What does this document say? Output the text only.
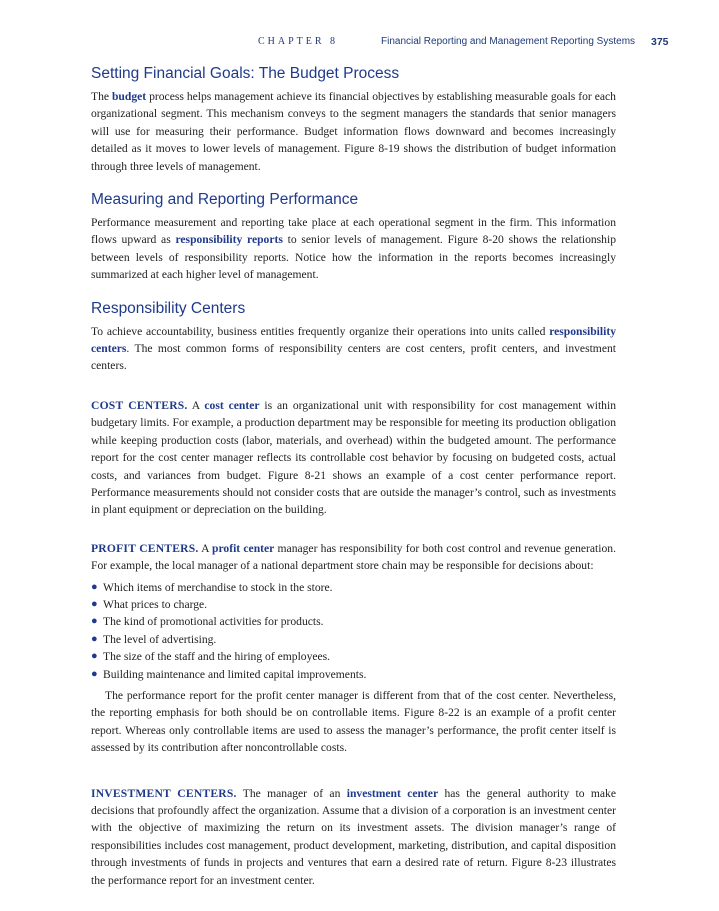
CHAPTER 8	Financial Reporting and Management Reporting Systems 375
Setting Financial Goals: The Budget Process

The budget process helps management achieve its financial objectives by establishing measurable goals for each organizational segment. This mechanism conveys to the segment managers the standards that senior managers will use for measuring their performance. Budget information flows downward and becomes increasingly detailed as it moves to lower levels of management. Figure 8-19 shows the distribution of budget information through three levels of management.

Measuring and Reporting Performance

Performance measurement and reporting take place at each operational segment in the firm. This information flows upward as responsibility reports to senior levels of management. Figure 8-20 shows the relationship between levels of responsibility reports. Notice how the information in the reports becomes increasingly summarized at each higher level of management.

Responsibility Centers

To achieve accountability, business entities frequently organize their operations into units called responsibility centers. The most common forms of responsibility centers are cost centers, profit centers, and investment centers.

COST CENTERS. A cost center is an organizational unit with responsibility for cost management within budgetary limits. For example, a production department may be responsible for meeting its production obligation while keeping production costs (labor, materials, and overhead) within the budgeted amount. The performance report for the cost center manager reflects its controllable cost behavior by focusing on budgeted costs, actual costs, and variances from budget. Figure 8-21 shows an example of a cost center performance report. Performance measurements should not consider costs that are outside the manager’s control, such as investments in plant equipment or depreciation on the building.

PROFIT CENTERS. A profit center manager has responsibility for both cost control and revenue generation. For example, the local manager of a national department store chain may be responsible for decisions about:

● Which items of merchandise to stock in the store.
● What prices to charge.
● The kind of promotional activities for products.
● The level of advertising.
● The size of the staff and the hiring of employees.
● Building maintenance and limited capital improvements.

The performance report for the profit center manager is different from that of the cost center. Nevertheless, the reporting emphasis for both should be on controllable items. Figure 8-22 is an example of a profit center report. Whereas only controllable items are used to assess the manager’s performance, the profit center itself is assessed by its contribution after noncontrollable costs.

INVESTMENT CENTERS. The manager of an investment center has the general authority to make decisions that profoundly affect the organization. Assume that a division of a corporation is an investment center with the objective of maximizing the return on its investment assets. The division manager’s range of responsibilities includes cost management, product development, marketing, distribution, and capital disposition through investments of funds in projects and ventures that earn a desired rate of return. Figure 8-23 illustrates the performance report for an investment center.
